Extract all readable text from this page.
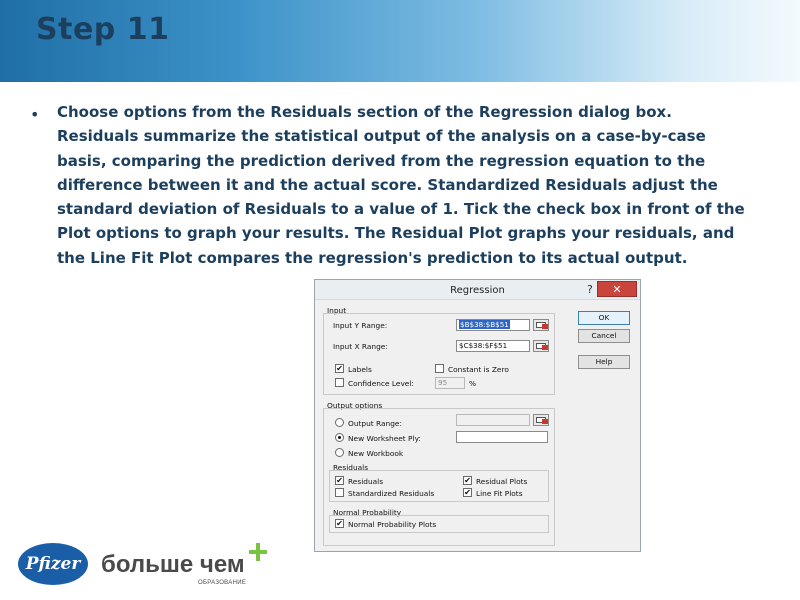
Step 11
• Choose options from the Residuals section of the Regression dialog box. Residuals summarize the statistical output of the analysis on a case-by-case basis, comparing the prediction derived from the regression equation to the difference between it and the actual score. Standardized Residuals adjust the standard deviation of Residuals to a value of 1. Tick the check box in front of the Plot options to graph your results. The Residual Plot graphs your residuals, and the Line Fit Plot compares the regression's prediction to its actual output.
Regression	?	✕
Input
Input Y Range:	$B$38:$B$51
Input X Range:	$C$38:$F$51
✔ Labels	Constant is Zero
Confidence Level:	95	%
Output options
Output Range:
New Worksheet Ply:
New Workbook
Residuals
✔ Residuals	✔ Residual Plots
Standardized Residuals	✔ Line Fit Plots
Normal Probability
✔ Normal Probability Plots
OK
Cancel
Help
Pfizer больше чем
ОБРАЗОВАНИЕ
